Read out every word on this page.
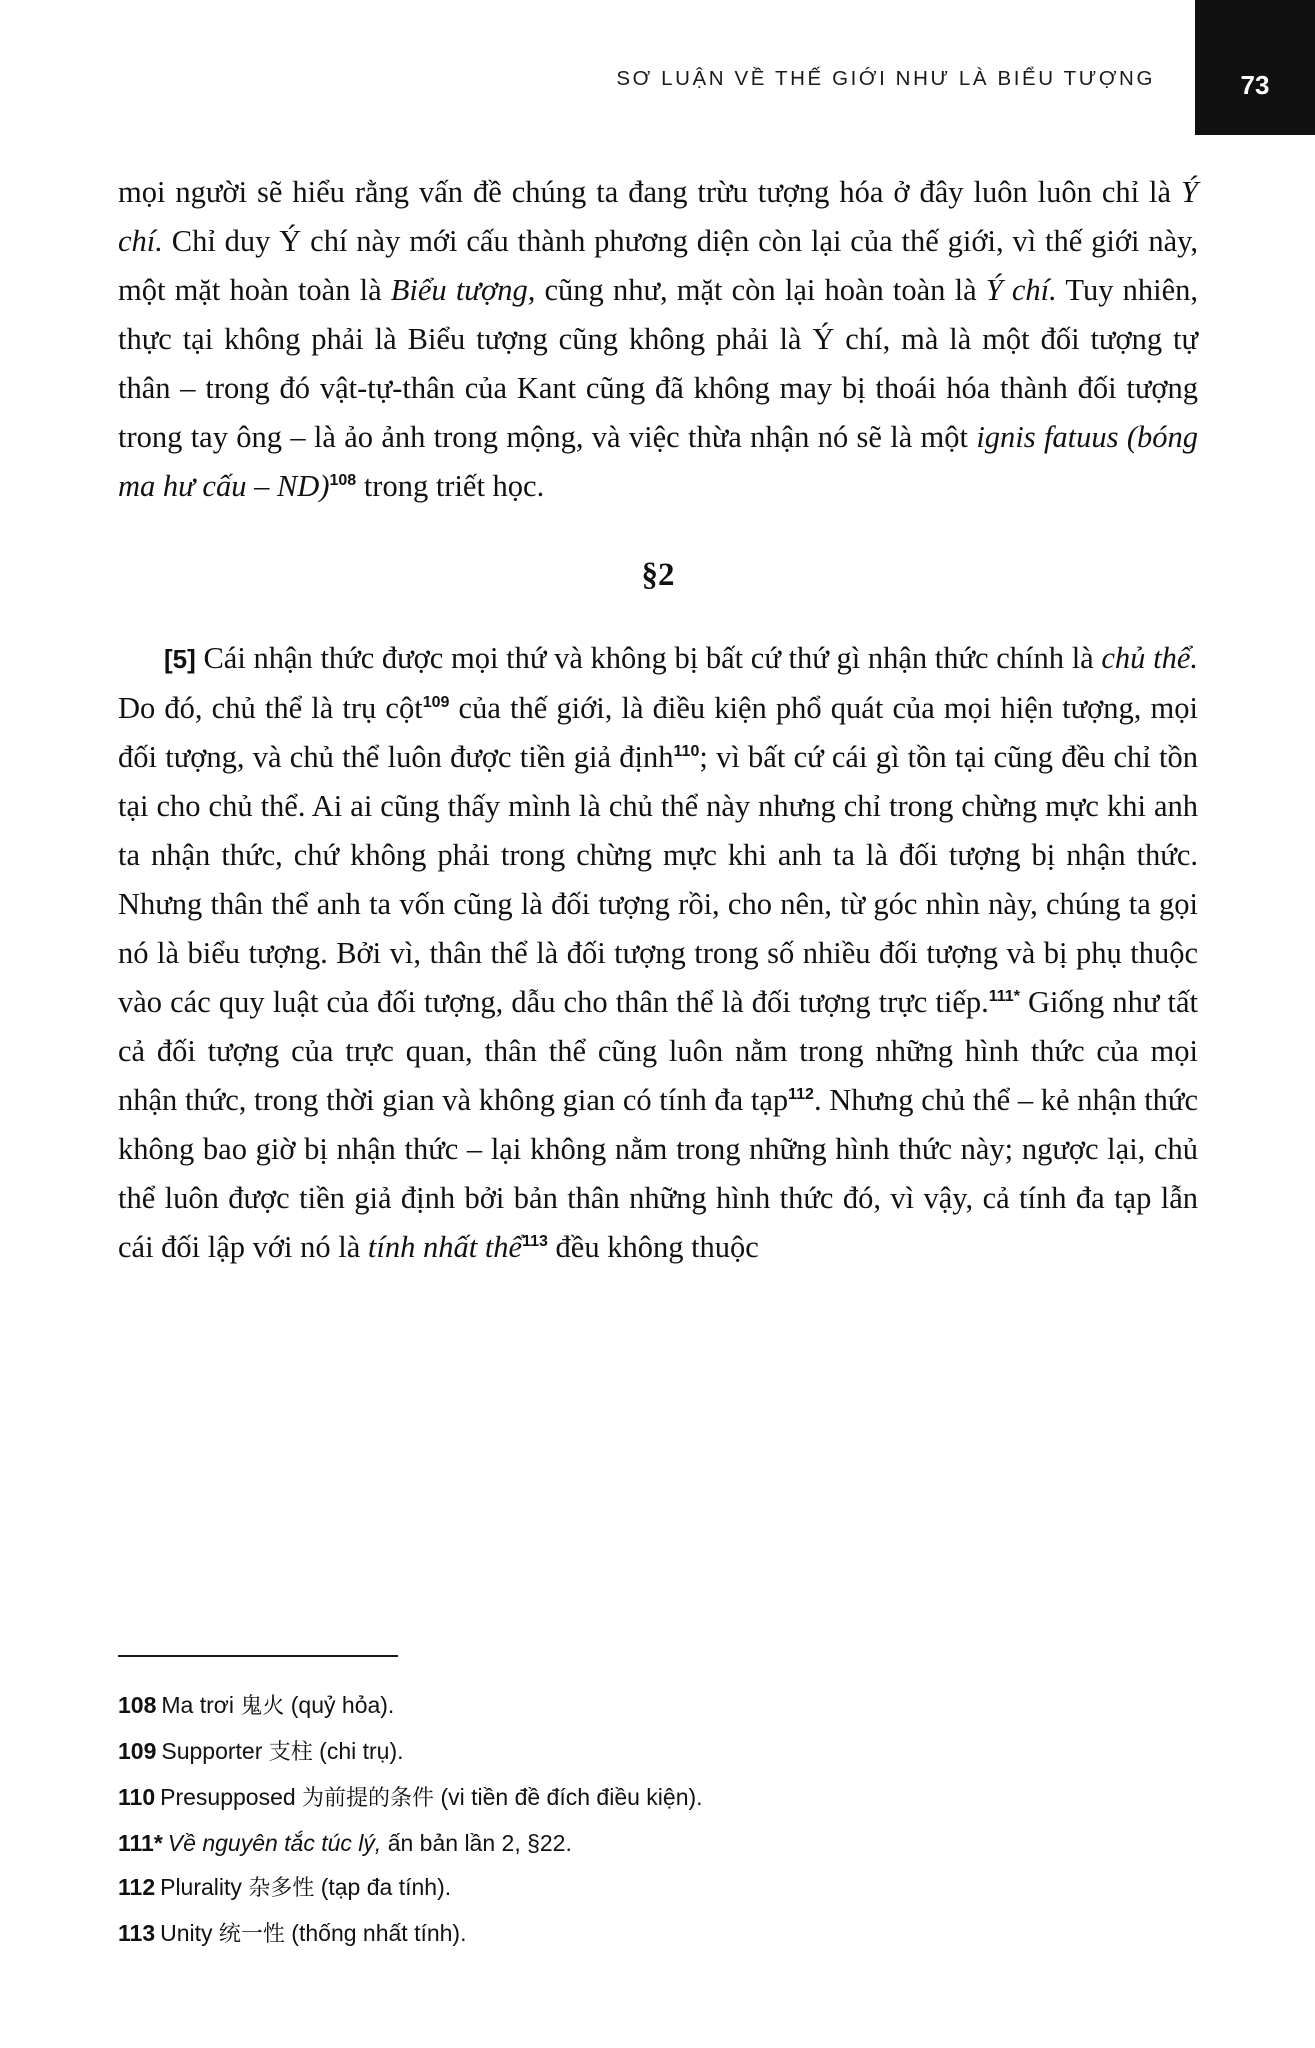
SƠ LUẬN VỀ THẾ GIỚI NHƯ LÀ BIỂU TƯỢNG	73

mọi người sẽ hiểu rằng vấn đề chúng ta đang trừu tượng hóa ở đây luôn luôn chỉ là Ý chí. Chỉ duy Ý chí này mới cấu thành phương diện còn lại của thế giới, vì thế giới này, một mặt hoàn toàn là Biểu tượng, cũng như, mặt còn lại hoàn toàn là Ý chí. Tuy nhiên, thực tại không phải là Biểu tượng cũng không phải là Ý chí, mà là một đối tượng tự thân – trong đó vật-tự-thân của Kant cũng đã không may bị thoái hóa thành đối tượng trong tay ông – là ảo ảnh trong mộng, và việc thừa nhận nó sẽ là một ignis fatuus (bóng ma hư cấu – ND)$^{108}$ trong triết học.

§2

[5] Cái nhận thức được mọi thứ và không bị bất cứ thứ gì nhận thức chính là chủ thể. Do đó, chủ thể là trụ cột$^{109}$ của thế giới, là điều kiện phổ quát của mọi hiện tượng, mọi đối tượng, và chủ thể luôn được tiền giả định$^{110}$; vì bất cứ cái gì tồn tại cũng đều chỉ tồn tại cho chủ thể. Ai ai cũng thấy mình là chủ thể này nhưng chỉ trong chừng mực khi anh ta nhận thức, chứ không phải trong chừng mực khi anh ta là đối tượng bị nhận thức. Nhưng thân thể anh ta vốn cũng là đối tượng rồi, cho nên, từ góc nhìn này, chúng ta gọi nó là biểu tượng. Bởi vì, thân thể là đối tượng trong số nhiều đối tượng và bị phụ thuộc vào các quy luật của đối tượng, dẫu cho thân thể là đối tượng trực tiếp.$^{111*}$ Giống như tất cả đối tượng của trực quan, thân thể cũng luôn nằm trong những hình thức của mọi nhận thức, trong thời gian và không gian có tính đa tạp$^{112}$. Nhưng chủ thể – kẻ nhận thức không bao giờ bị nhận thức – lại không nằm trong những hình thức này; ngược lại, chủ thể luôn được tiền giả định bởi bản thân những hình thức đó, vì vậy, cả tính đa tạp lẫn cái đối lập với nó là tính nhất thể$^{113}$ đều không thuộc

108 Ma trơi 鬼火 (quỷ hỏa).
109 Supporter 支柱 (chi trụ).
110 Presupposed 为前提的条件 (vi tiền đề đích điều kiện).
111* Về nguyên tắc túc lý, ấn bản lần 2, §22.
112 Plurality 杂多性 (tạp đa tính).
113 Unity 统一性 (thống nhất tính).
